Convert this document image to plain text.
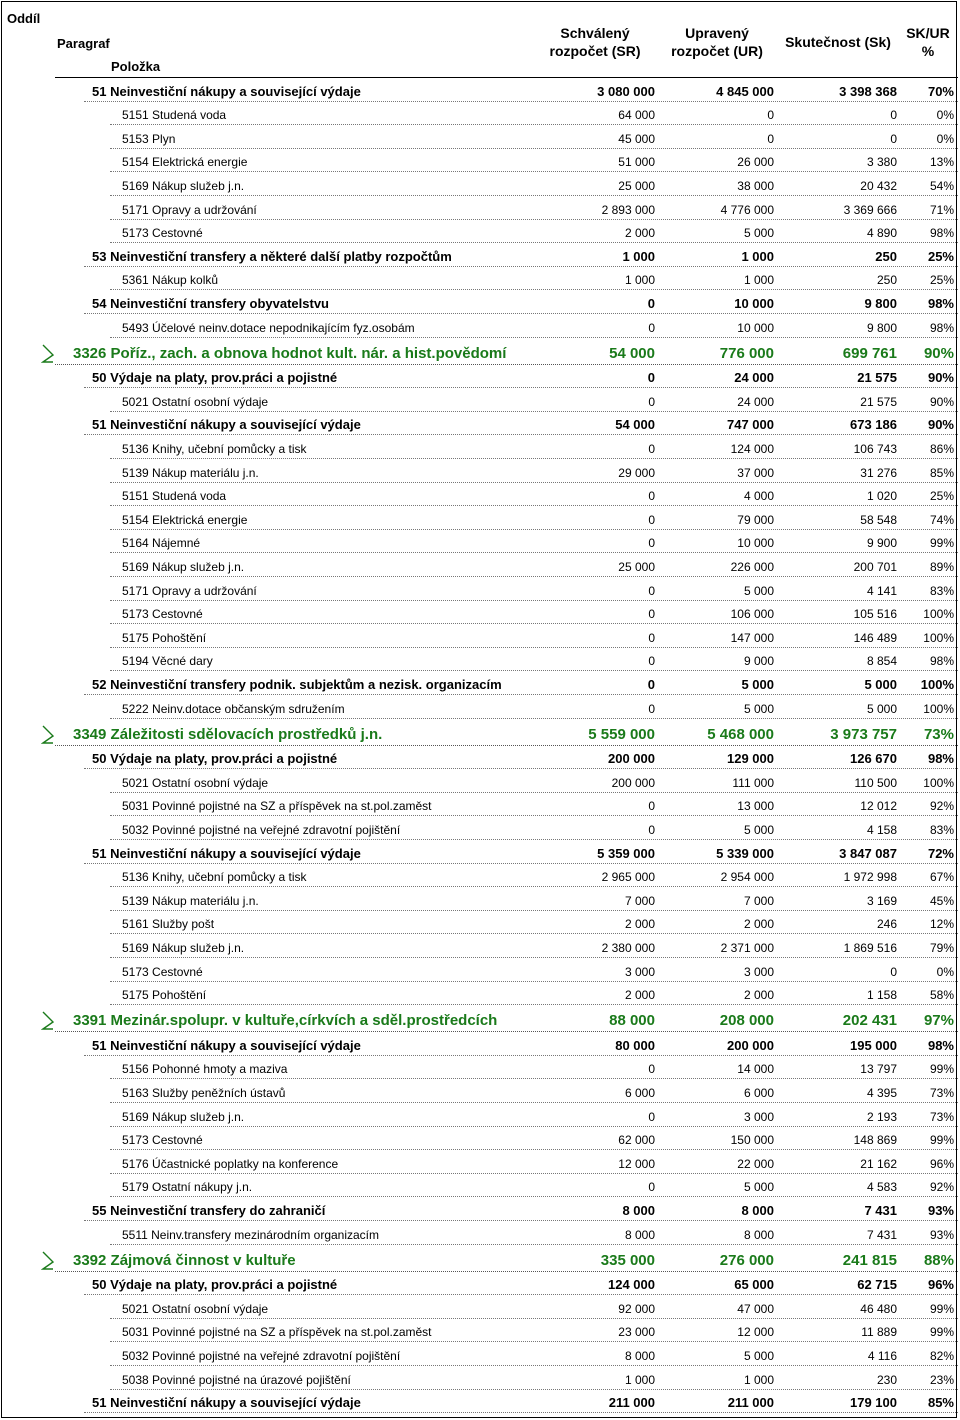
Oddíl
Paragraf
Položka
Schválený rozpočet (SR)
Upravený rozpočet (UR)
Skutečnost (Sk)
SK/UR %
51 Neinvestiční nákupy a související výdaje	3 080 000	4 845 000	3 398 368 70%
5151 Studená voda	64 000	0	0	0%
5153 Plyn	45 000	0	0	0%
5154 Elektrická energie	51 000	26 000	3 380	13%
5169 Nákup služeb j.n.	25 000	38 000	20 432	54%
5171 Opravy a udržování	2 893 000	4 776 000	3 369 666	71%
5173 Cestovné	2 000	5 000	4 890	98%
53 Neinvestiční transfery a některé další platby rozpočtům	1 000	1 000	250 25%
5361 Nákup kolků	1 000	1 000	250	25%
54 Neinvestiční transfery obyvatelstvu	0	10 000	9 800 98%
5493 Účelové neinv.dotace nepodnikajícím fyz.osobám	0	10 000	9 800	98%
3326 Poříz., zach. a obnova hodnot kult. nár. a hist.povědomí	54 000	776 000	699 761 90%
50 Výdaje na platy, prov.práci a pojistné	0	24 000	21 575 90%
5021 Ostatní osobní výdaje	0	24 000	21 575	90%
51 Neinvestiční nákupy a související výdaje	54 000	747 000	673 186 90%
5136 Knihy, učební pomůcky a tisk	0	124 000	106 743	86%
5139 Nákup materiálu j.n.	29 000	37 000	31 276	85%
5151 Studená voda	0	4 000	1 020	25%
5154 Elektrická energie	0	79 000	58 548	74%
5164 Nájemné	0	10 000	9 900	99%
5169 Nákup služeb j.n.	25 000	226 000	200 701	89%
5171 Opravy a udržování	0	5 000	4 141	83%
5173 Cestovné	0	106 000	105 516 100%
5175 Pohoštění	0	147 000	146 489 100%
5194 Věcné dary	0	9 000	8 854	98%
52 Neinvestiční transfery podnik. subjektům a nezisk. organizacím	0	5 000	5 000 100%
5222 Neinv.dotace občanským sdružením	0	5 000	5 000 100%
3349 Záležitosti sdělovacích prostředků j.n.	5 559 000	5 468 000	3 973 757 73%
50 Výdaje na platy, prov.práci a pojistné	200 000	129 000	126 670 98%
5021 Ostatní osobní výdaje	200 000	111 000	110 500 100%
5031 Povinné pojistné na SZ a příspěvek na st.pol.zaměst	0	13 000	12 012	92%
5032 Povinné pojistné na veřejné zdravotní pojištění	0	5 000	4 158	83%
51 Neinvestiční nákupy a související výdaje	5 359 000	5 339 000	3 847 087 72%
5136 Knihy, učební pomůcky a tisk	2 965 000	2 954 000	1 972 998	67%
5139 Nákup materiálu j.n.	7 000	7 000	3 169	45%
5161 Služby pošt	2 000	2 000	246	12%
5169 Nákup služeb j.n.	2 380 000	2 371 000	1 869 516	79%
5173 Cestovné	3 000	3 000	0	0%
5175 Pohoštění	2 000	2 000	1 158	58%
3391 Mezinár.spolupr. v kultuře,církvích a sděl.prostředcích	88 000	208 000	202 431 97%
51 Neinvestiční nákupy a související výdaje	80 000	200 000	195 000 98%
5156 Pohonné hmoty a maziva	0	14 000	13 797	99%
5163 Služby peněžních ústavů	6 000	6 000	4 395	73%
5169 Nákup služeb j.n.	0	3 000	2 193	73%
5173 Cestovné	62 000	150 000	148 869	99%
5176 Účastnické poplatky na konference	12 000	22 000	21 162	96%
5179 Ostatní nákupy j.n.	0	5 000	4 583	92%
55 Neinvestiční transfery do zahraničí	8 000	8 000	7 431 93%
5511 Neinv.transfery mezinárodním organizacím	8 000	8 000	7 431	93%
3392 Zájmová činnost v kultuře	335 000	276 000	241 815 88%
50 Výdaje na platy, prov.práci a pojistné	124 000	65 000	62 715 96%
5021 Ostatní osobní výdaje	92 000	47 000	46 480	99%
5031 Povinné pojistné na SZ a příspěvek na st.pol.zaměst	23 000	12 000	11 889	99%
5032 Povinné pojistné na veřejné zdravotní pojištění	8 000	5 000	4 116	82%
5038 Povinné pojistné na úrazové pojištění	1 000	1 000	230	23%
51 Neinvestiční nákupy a související výdaje	211 000	211 000	179 100 85%
